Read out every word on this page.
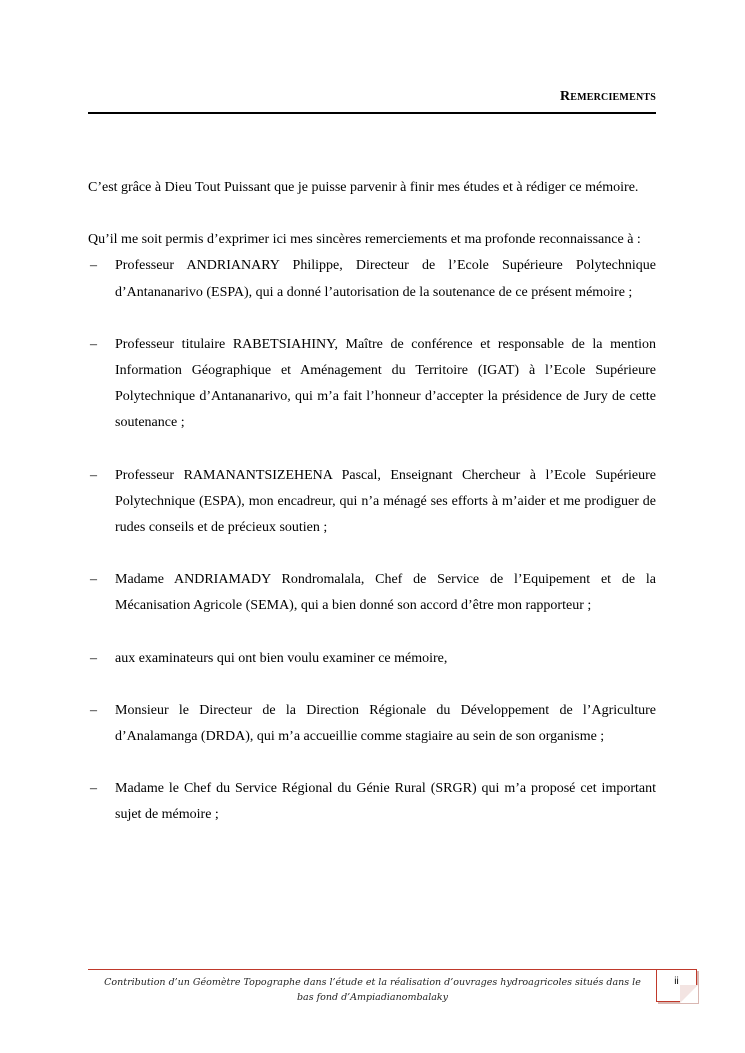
Remerciements

C’est grâce à Dieu Tout Puissant que je puisse parvenir à finir mes études et à rédiger ce mémoire.

Qu’il me soit permis d’exprimer ici mes sincères remerciements et ma profonde reconnaissance à :

– Professeur ANDRIANARY Philippe, Directeur de l’Ecole Supérieure Polytechnique d’Antananarivo (ESPA), qui a donné l’autorisation de la soutenance de ce présent mémoire ;
– Professeur titulaire RABETSIAHINY, Maître de conférence et responsable de la mention Information Géographique et Aménagement du Territoire (IGAT) à l’Ecole Supérieure Polytechnique d’Antananarivo, qui m’a fait l’honneur d’accepter la présidence de Jury de cette soutenance ;
– Professeur RAMANANTSIZEHENA Pascal, Enseignant Chercheur à l’Ecole Supérieure Polytechnique (ESPA), mon encadreur, qui n’a ménagé ses efforts à m’aider et me prodiguer de rudes conseils et de précieux soutien ;
– Madame ANDRIAMADY Rondromalala, Chef de Service de l’Equipement et de la Mécanisation Agricole (SEMA), qui a bien donné son accord d’être mon rapporteur ;
– aux examinateurs qui ont bien voulu examiner ce mémoire,
– Monsieur le Directeur de la Direction Régionale du Développement de l’Agriculture d’Analamanga (DRDA), qui m’a accueillie comme stagiaire au sein de son organisme ;
– Madame le Chef du Service Régional du Génie Rural (SRGR) qui m’a proposé cet important sujet de mémoire ;
Contribution d’un Géomètre Topographe dans l’étude et la réalisation d’ouvrages hydroagricoles situés dans le bas fond d’Ampiadianombalaky
ii
